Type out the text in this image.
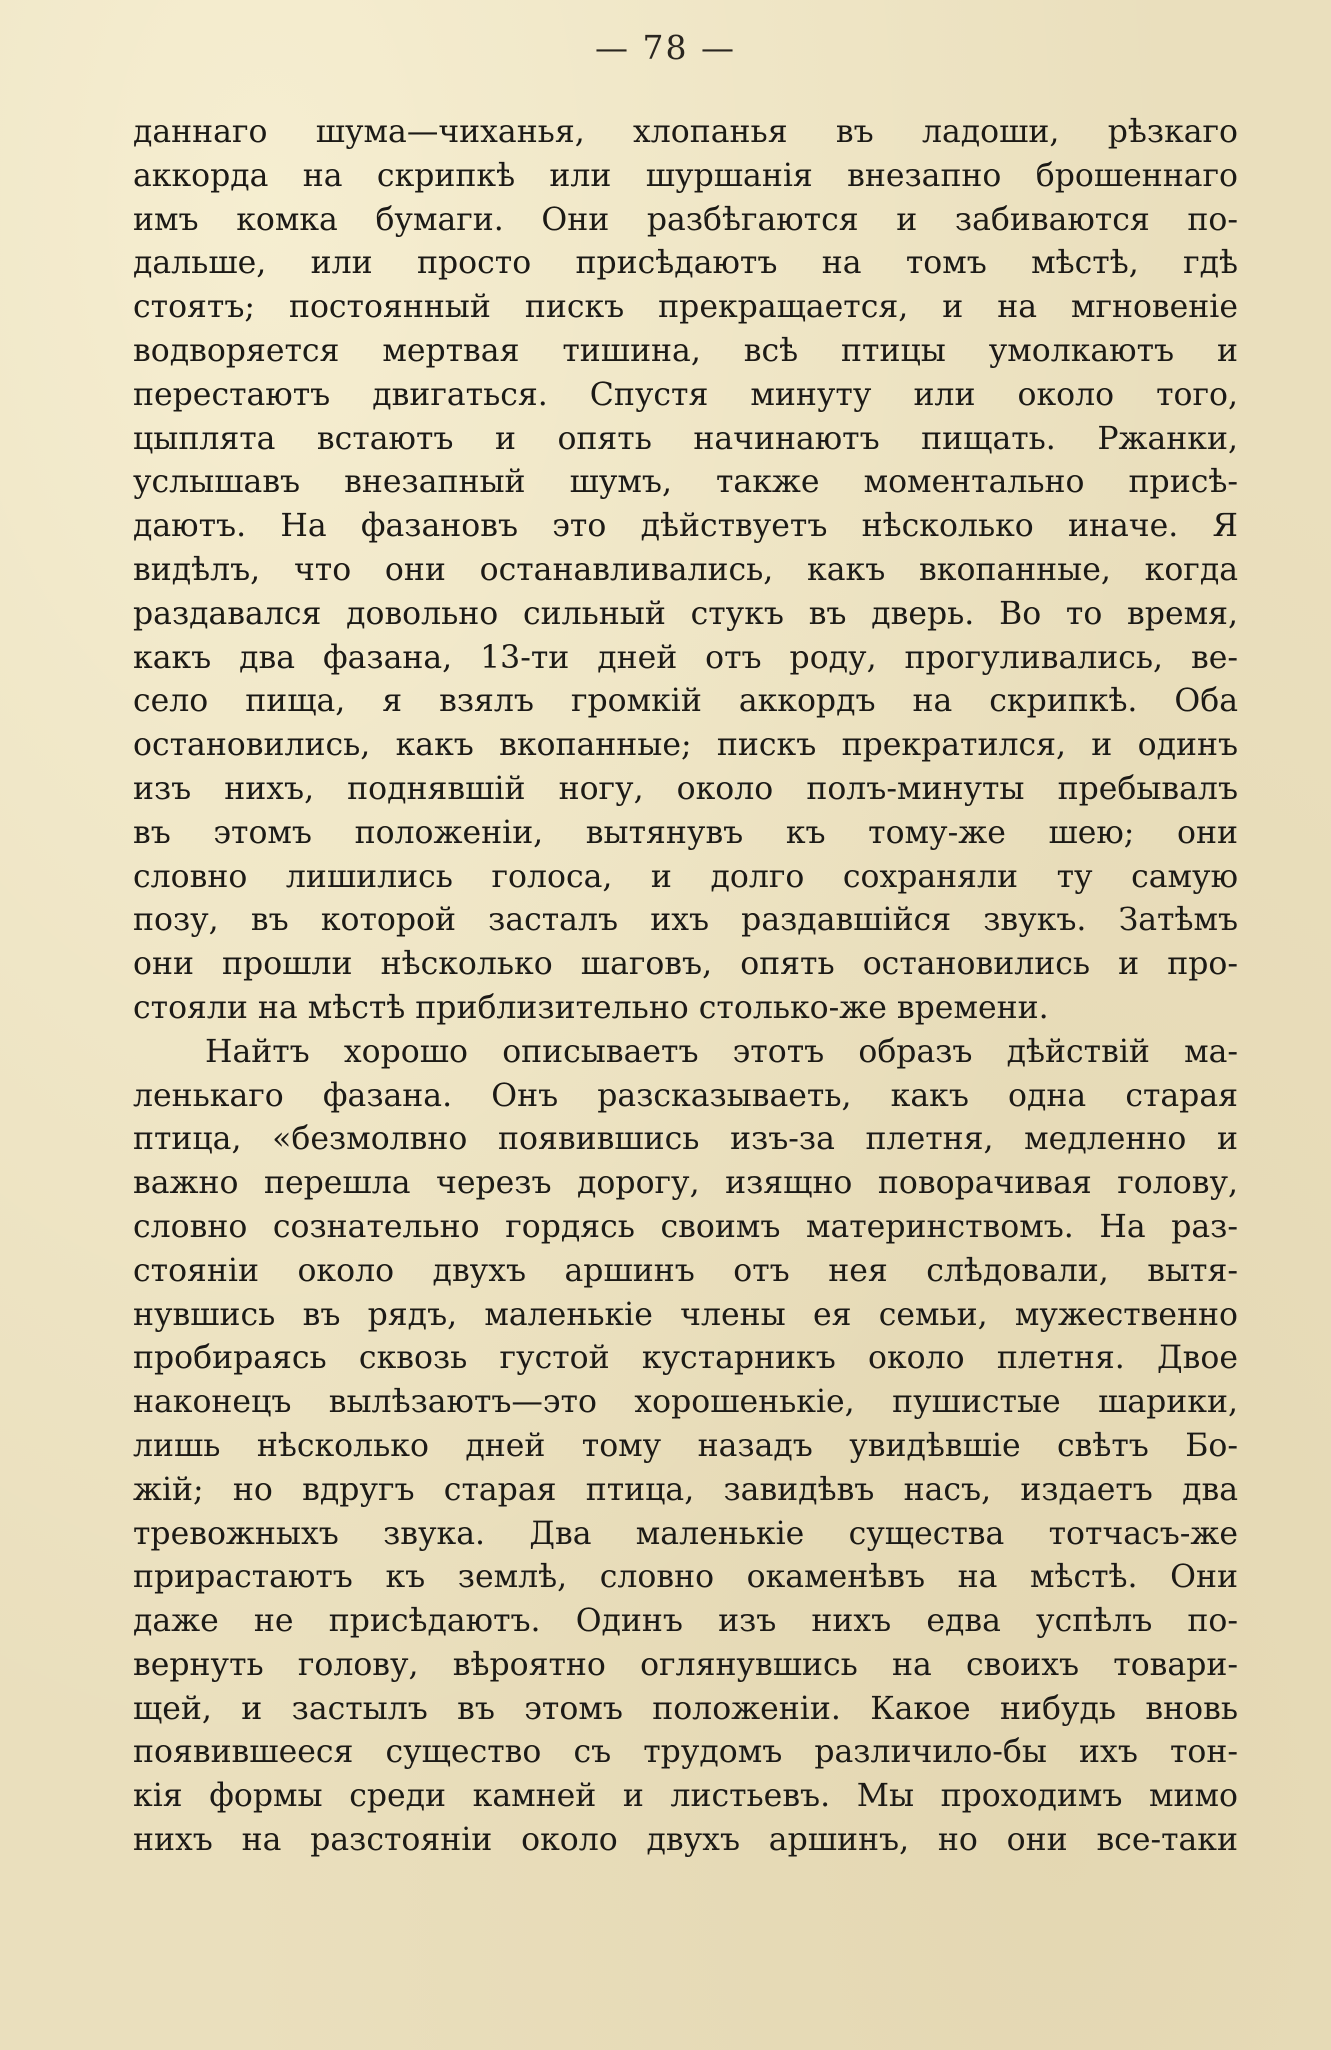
— 78 —
даннаго шума—чиханья, хлопанья въ ладоши, рѣзкаго
аккорда на скрипкѣ или шуршанія внезапно брошеннаго
имъ комка бумаги. Они разбѣгаются и забиваются по-
дальше, или просто присѣдаютъ на томъ мѣстѣ, гдѣ
стоятъ; постоянный пискъ прекращается, и на мгновеніе
водворяется мертвая тишина, всѣ птицы умолкаютъ и
перестаютъ двигаться. Спустя минуту или около того,
цыплята встаютъ и опять начинаютъ пищать. Ржанки,
услышавъ внезапный шумъ, также моментально присѣ-
даютъ. На фазановъ это дѣйствуетъ нѣсколько иначе. Я
видѣлъ, что они останавливались, какъ вкопанные, когда
раздавался довольно сильный стукъ въ дверь. Во то время,
какъ два фазана, 13-ти дней отъ роду, прогуливались, ве-
село пища, я взялъ громкій аккордъ на скрипкѣ. Оба
остановились, какъ вкопанные; пискъ прекратился, и одинъ
изъ нихъ, поднявшій ногу, около полъ-минуты пребывалъ
въ этомъ положеніи, вытянувъ къ тому-же шею; они
словно лишились голоса, и долго сохраняли ту самую
позу, въ которой засталъ ихъ раздавшійся звукъ. Затѣмъ
они прошли нѣсколько шаговъ, опять остановились и про-
стояли на мѣстѣ приблизительно столько-же времени.
Найтъ хорошо описываетъ этотъ образъ дѣйствій ма-
ленькаго фазана. Онъ разсказываеть, какъ одна старая
птица, «безмолвно появившись изъ-за плетня, медленно и
важно перешла черезъ дорогу, изящно поворачивая голову,
словно сознательно гордясь своимъ материнствомъ. На раз-
стояніи около двухъ аршинъ отъ нея слѣдовали, вытя-
нувшись въ рядъ, маленькіе члены ея семьи, мужественно
пробираясь сквозь густой кустарникъ около плетня. Двое
наконецъ вылѣзаютъ—это хорошенькіе, пушистые шарики,
лишь нѣсколько дней тому назадъ увидѣвшіе свѣтъ Бо-
жій; но вдругъ старая птица, завидѣвъ насъ, издаетъ два
тревожныхъ звука. Два маленькіе существа тотчасъ-же
прирастаютъ къ землѣ, словно окаменѣвъ на мѣстѣ. Они
даже не присѣдаютъ. Одинъ изъ нихъ едва успѣлъ по-
вернуть голову, вѣроятно оглянувшись на своихъ товари-
щей, и застылъ въ этомъ положеніи. Какое нибудь вновь
появившееся существо съ трудомъ различило-бы ихъ тон-
кія формы среди камней и листьевъ. Мы проходимъ мимо
нихъ на разстояніи около двухъ аршинъ, но они все-таки
